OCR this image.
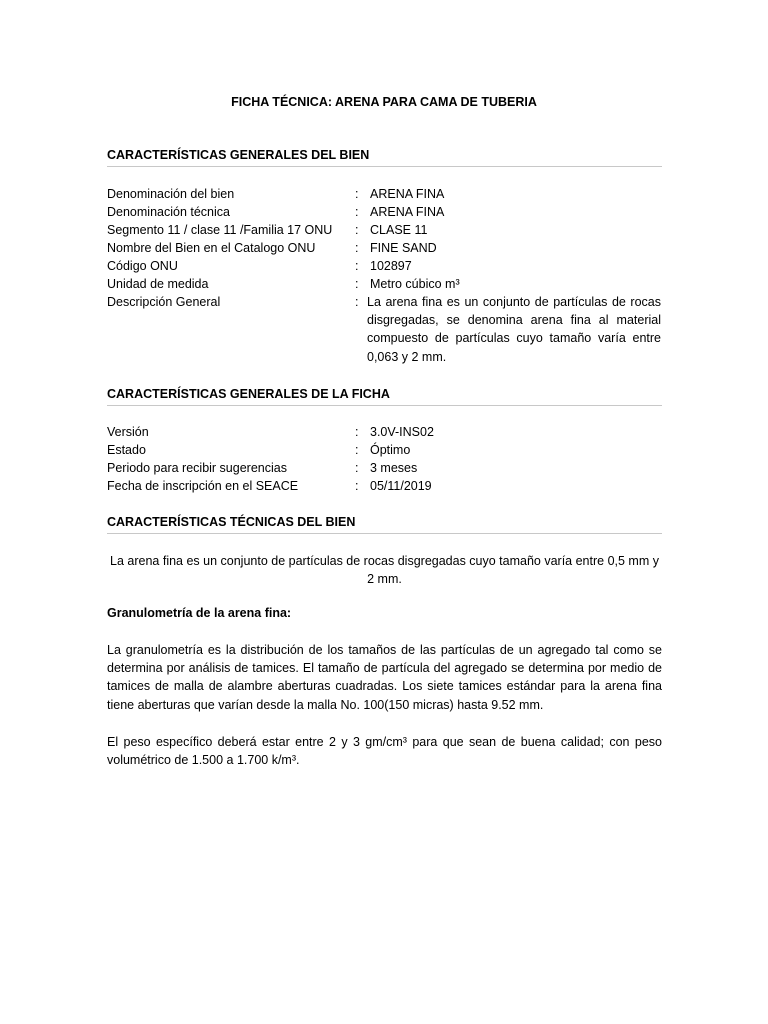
FICHA TÉCNICA: ARENA PARA CAMA DE TUBERIA
CARACTERÍSTICAS GENERALES DEL BIEN
Denominación del bien	: ARENA FINA
Denominación técnica	: ARENA FINA
Segmento 11 / clase 11 /Familia 17 ONU : CLASE 11
Nombre del Bien en el Catalogo ONU	: FINE SAND
Código ONU	: 102897
Unidad de medida	: Metro cúbico m³
Descripción General	: La arena fina es un conjunto de partículas de rocas
disgregadas, se denomina arena fina al material
compuesto de partículas cuyo tamaño varía entre
0,063 y 2 mm.
CARACTERÍSTICAS GENERALES DE LA FICHA
Versión	: 3.0V-INS02
Estado	: Óptimo
Periodo para recibir sugerencias	: 3 meses
Fecha de inscripción en el SEACE	: 05/11/2019
CARACTERÍSTICAS TÉCNICAS DEL BIEN
La arena fina es un conjunto de partículas de rocas disgregadas cuyo tamaño varía entre 0,5 mm y
2 mm.
Granulometría de la arena fina:
La granulometría es la distribución de los tamaños de las partículas de un agregado tal como se
determina por análisis de tamices. El tamaño de partícula del agregado se determina por medio de
tamices de malla de alambre aberturas cuadradas. Los siete tamices estándar para la arena fina
tiene aberturas que varían desde la malla No. 100(150 micras) hasta 9.52 mm.
El peso específico deberá estar entre 2 y 3 gm/cm³ para que sean de buena calidad; con peso
volumétrico de 1.500 a 1.700 k/m³.
